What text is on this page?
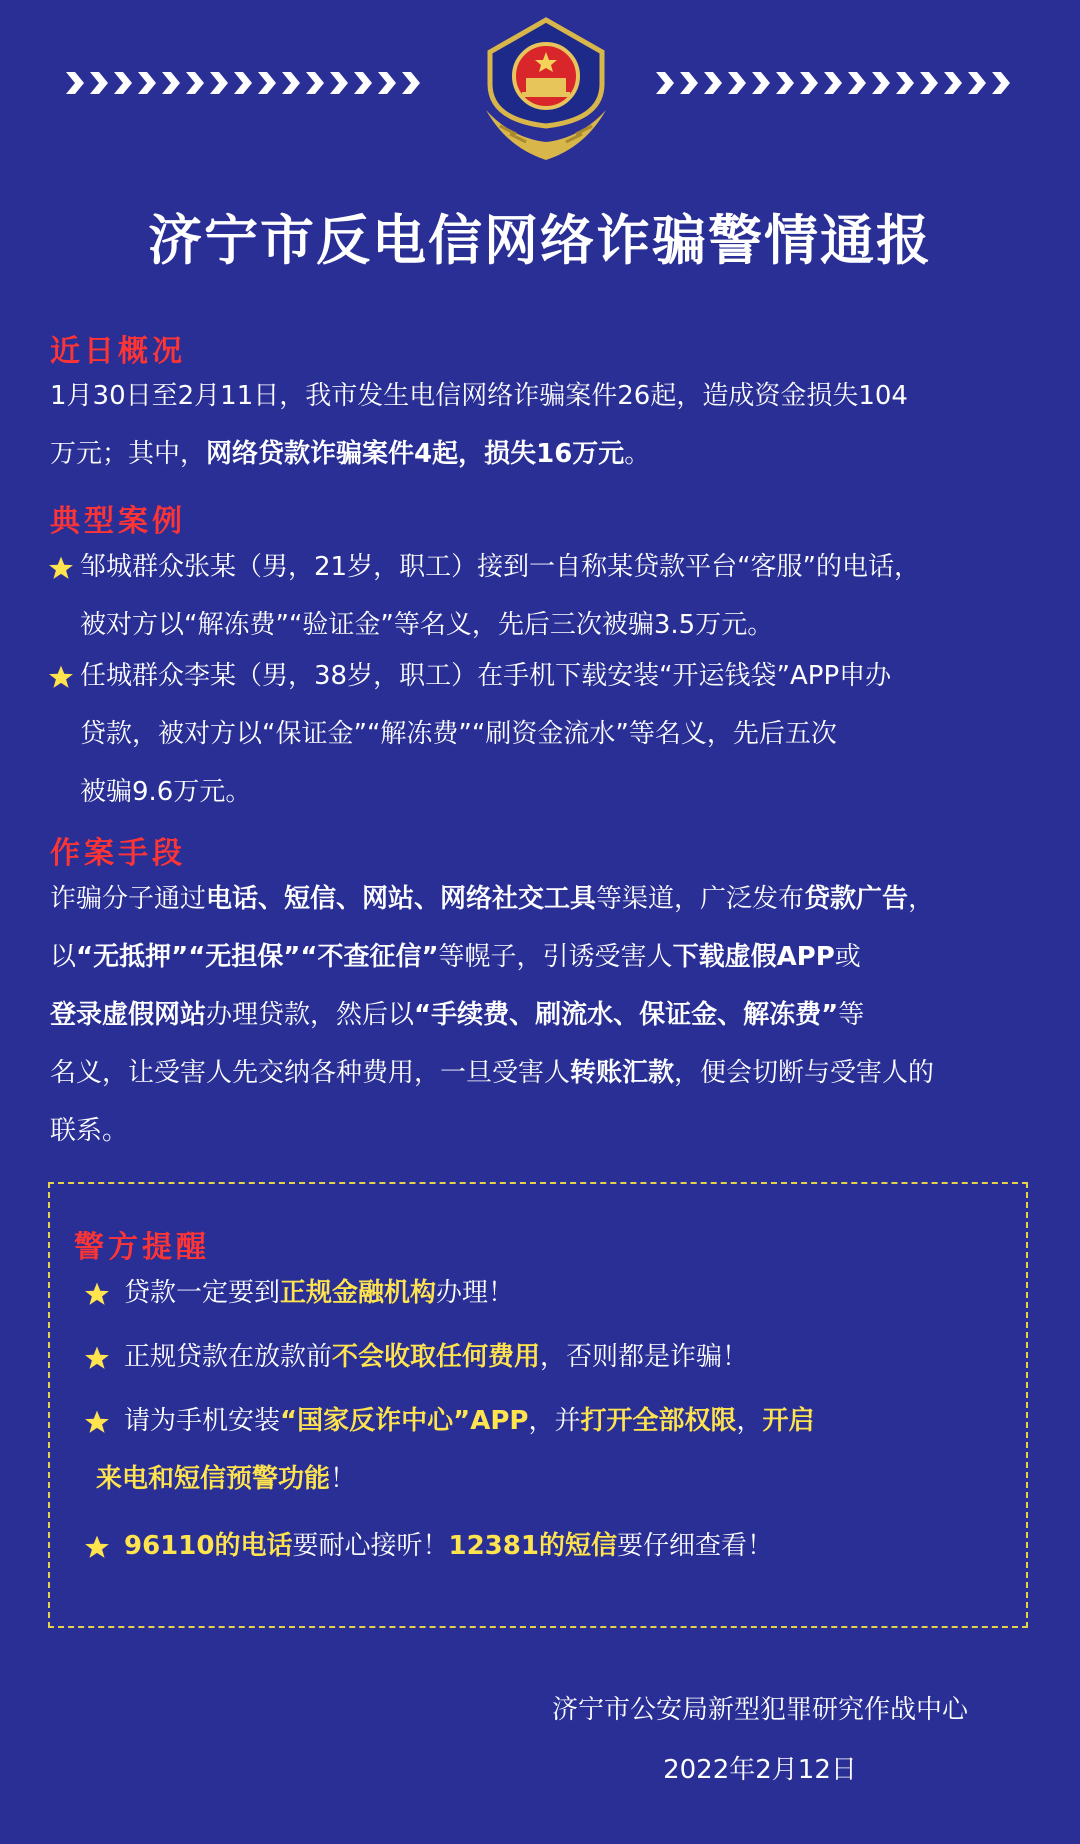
济宁市反电信网络诈骗警情通报
近日概况
1月30日至2月11日，我市发生电信网络诈骗案件26起，造成资金损失104
万元；其中，网络贷款诈骗案件4起，损失16万元。
典型案例
邹城群众张某（男，21岁，职工）接到一自称某贷款平台“客服”的电话，
被对方以“解冻费”“验证金”等名义，先后三次被骗3.5万元。
任城群众李某（男，38岁，职工）在手机下载安装“开运钱袋”APP申办
贷款，被对方以“保证金”“解冻费”“刷资金流水”等名义，先后五次
被骗9.6万元。
作案手段
诈骗分子通过电话、短信、网站、网络社交工具等渠道，广泛发布贷款广告，
以“无抵押”“无担保”“不查征信”等幌子，引诱受害人下载虚假APP或
登录虚假网站办理贷款，然后以“手续费、刷流水、保证金、解冻费”等
名义，让受害人先交纳各种费用，一旦受害人转账汇款，便会切断与受害人的
联系。
警方提醒
贷款一定要到正规金融机构办理！
正规贷款在放款前不会收取任何费用，否则都是诈骗！
请为手机安装“国家反诈中心”APP，并打开全部权限，开启
来电和短信预警功能！
96110的电话要耐心接听！12381的短信要仔细查看！
济宁市公安局新型犯罪研究作战中心
2022年2月12日
